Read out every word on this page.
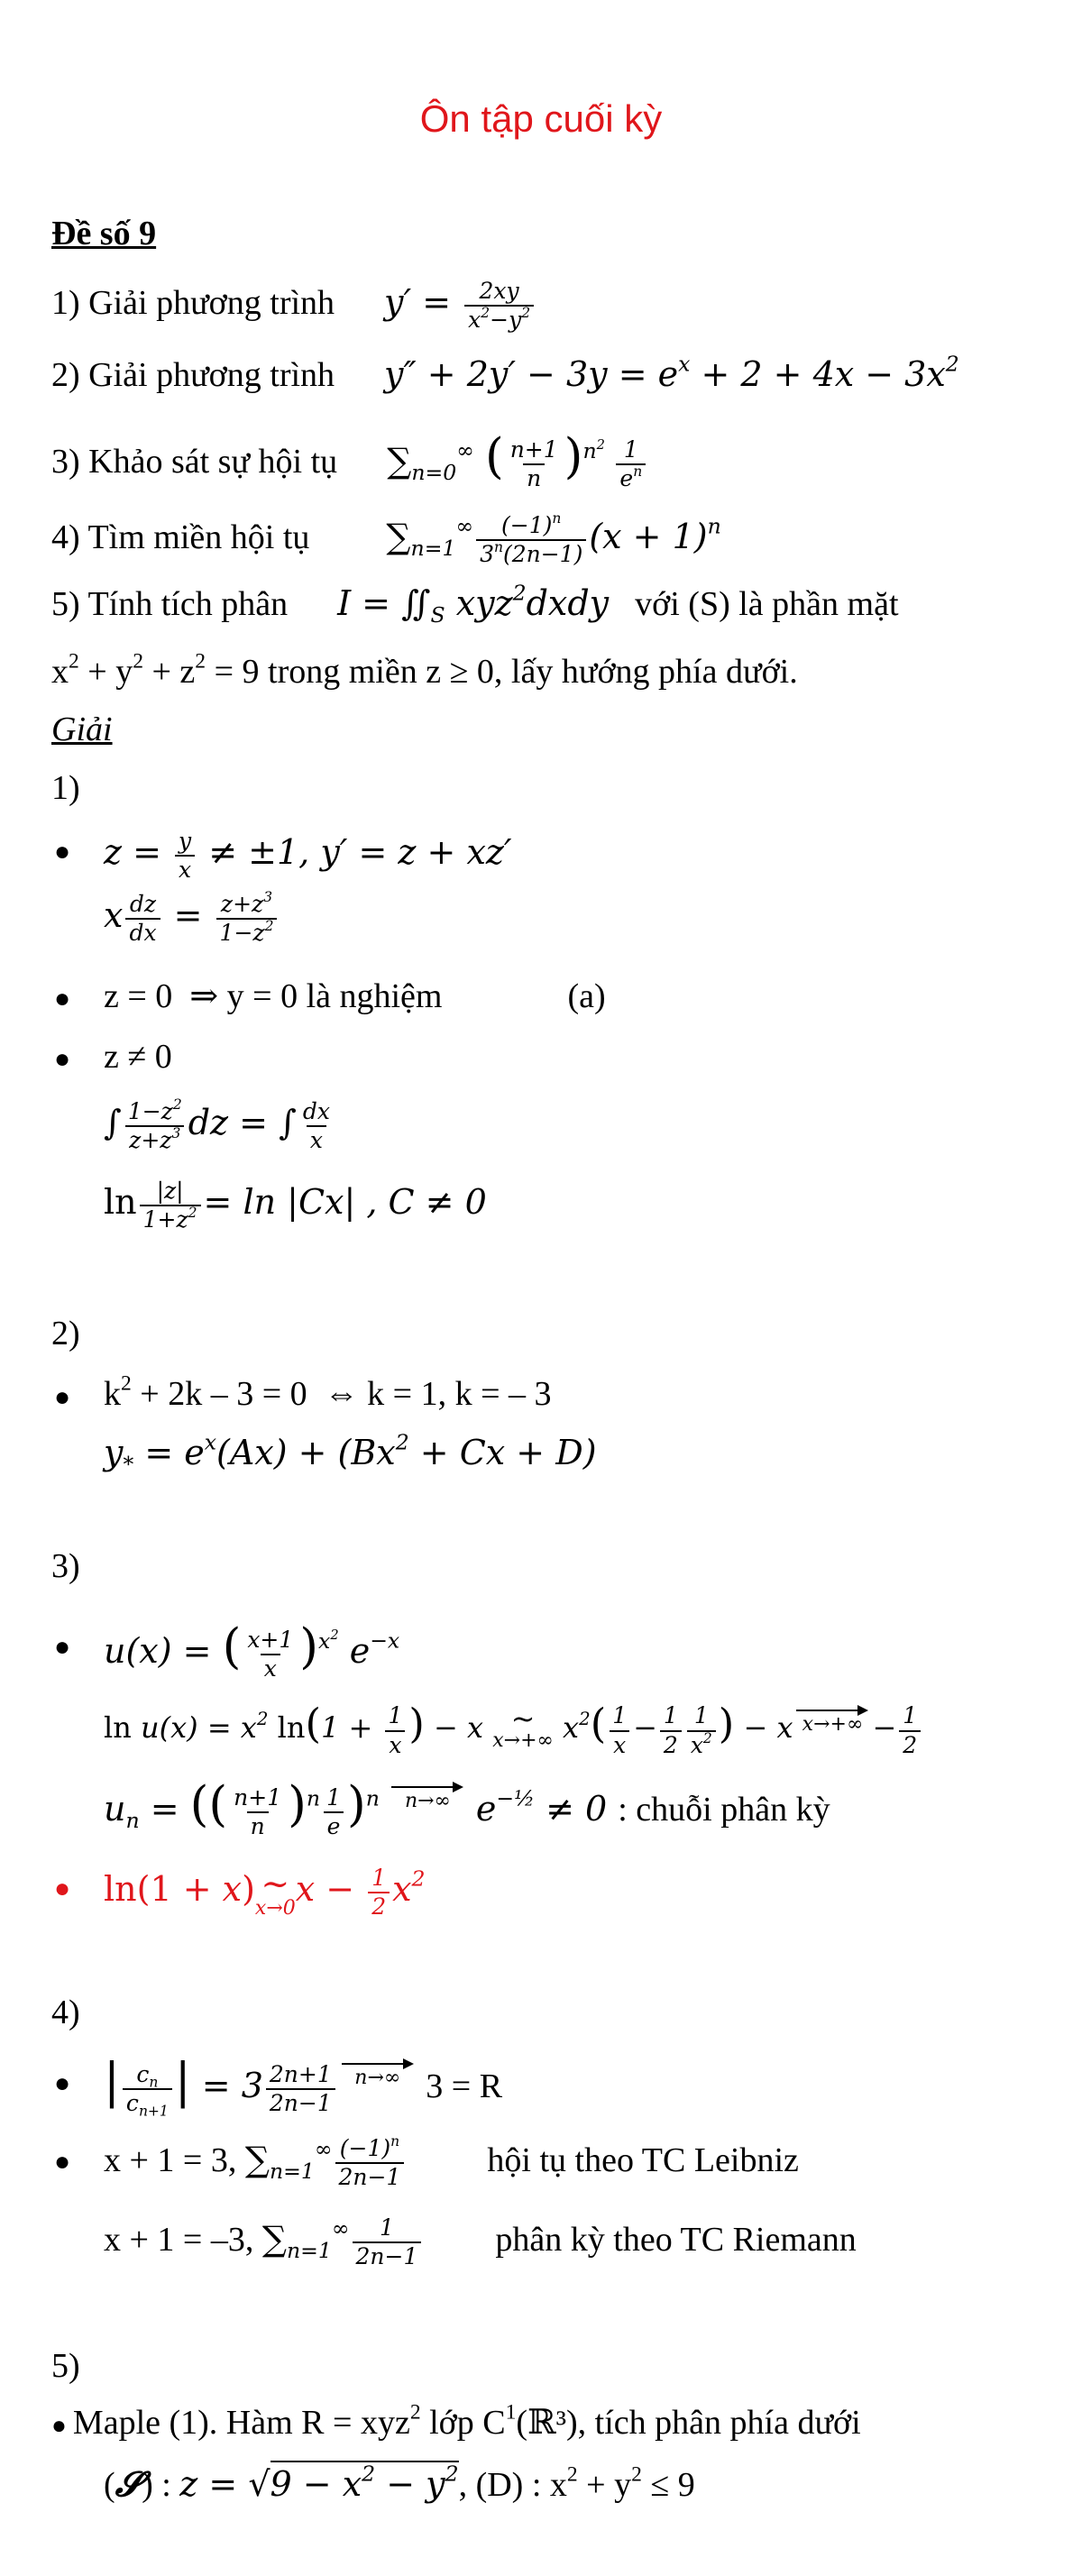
Ôn tập cuối kỳ
Đề số 9
1) Giải phương trình $y' = \frac{2xy}{x^2-y^2}$
2) Giải phương trình $y'' + 2y' - 3y = e^x + 2 + 4x - 3x^2$
3) Khảo sát sự hội tụ $\sum_{n=0}^\infty$ ( $\frac{n+1}{n} )^{n^2} \frac{1}{e^n}$
4) Tìm miền hội tụ $\sum_{n=1}^\infty \frac{(-1)^n}{3^n(2n-1)} (x + 1)^n$
5) Tính tích phân $I = ∬_S$ xyz$^2$dxdy với (S) là phần mặt
$x^2 + y^2 + z^2 = 9$ trong miền z ≥ 0, lấy hướng phía dưới.
Giải
1)
● $z = \frac{y}{x} \ne \pm 1$, y′ = z + xz′
x $\frac{dz}{dx} = \frac{z+z^3}{1-z^2}$
● z = 0  ⇒ y = 0 là nghiệm	(a)
● z ≠ 0
∫ $\frac{1-z^2}{z+z^3}$ dz = ∫ $\frac{dx}{x}$
$\ln \frac{|z|}{1+z^2} = \ln |Cx|$ , C ≠ 0
2)
● $k^2 + 2k - 3 = 0$  ⇔ k = 1, k = – 3
$y_* = e^x(Ax) + (Bx^2 + Cx + D)$
3)
● u(x) = ( $\frac{x+1}{x} )^{x^2}$ $e^{-x}$
$\ln u(x) = x^2$ $\ln(1 + \frac{1}{x}$ ) − x ~
x→+∞ $x^2( \frac{1}{x} - \frac{1}{2} \frac{1}{x^2}$ ) − x $x\to+\infty - \frac{1}{2}$
$u_n$ = (( $\frac{n+1}{n} )^n \frac{1}{e} )^n$ n→∞ $e^{-\frac{1}{2}} \ne 0$ : chuỗi phân kỳ
● ln(1 + x) ~
x→0 $x - \frac{1}{2} x^2$
4)
● | $\frac{c_n}{c_{n+1}}$ | = $3 \frac{2n+1}{2n-1} n\to\infty$ 3 = R
● x + 1 = 3, $\sum_{n=1}^\infty \frac{(-1)^n}{2n-1}$ hội tụ theo TC Leibniz
x + 1 = –3, $\sum_{n=1}^\infty \frac{1}{2n-1}$ phân kỳ theo TC Riemann
5)
● Maple (1). Hàm R = xyz$^2$ lớp $C^1(ℝ^3)$, tích phân phía dưới
(𝓢) : $z = √9 - x^2 - y^2$, (D) : $x^2 + y^2 \le 9$
